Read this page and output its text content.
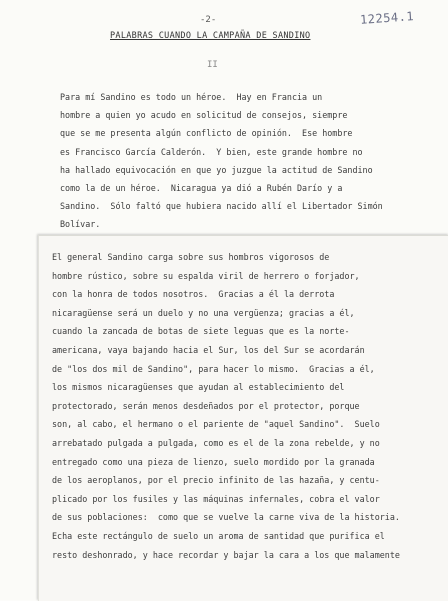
12254.1
-2-
PALABRAS CUANDO LA CAMPAÑA DE SANDINO
II
Para mí Sandino es todo un héroe.  Hay en Francia un
hombre a quien yo acudo en solicitud de consejos, siempre
que se me presenta algún conflicto de opinión.  Ese hombre
es Francisco García Calderón.  Y bien, este grande hombre no
ha hallado equivocación en que yo juzgue la actitud de Sandino
como la de un héroe.  Nicaragua ya dió a Rubén Darío y a
Sandino.  Sólo faltó que hubiera nacido allí el Libertador Simón
Bolívar.
El general Sandino carga sobre sus hombros vigorosos de
hombre rústico, sobre su espalda viril de herrero o forjador,
con la honra de todos nosotros.  Gracias a él la derrota
nicaragüense será un duelo y no una vergüenza; gracias a él,
cuando la zancada de botas de siete leguas que es la norte-
americana, vaya bajando hacia el Sur, los del Sur se acordarán
de "los dos mil de Sandino", para hacer lo mismo.  Gracias a él,
los mismos nicaragüenses que ayudan al establecimiento del
protectorado, serán menos desdeñados por el protector, porque
son, al cabo, el hermano o el pariente de "aquel Sandino".  Suelo
arrebatado pulgada a pulgada, como es el de la zona rebelde, y no
entregado como una pieza de lienzo, suelo mordido por la granada
de los aeroplanos, por el precio infinito de las hazaña, y centu-
plicado por los fusiles y las máquinas infernales, cobra el valor
de sus poblaciones:  como que se vuelve la carne viva de la historia.
Echa este rectángulo de suelo un aroma de santidad que purifica el
resto deshonrado, y hace recordar y bajar la cara a los que malamente
